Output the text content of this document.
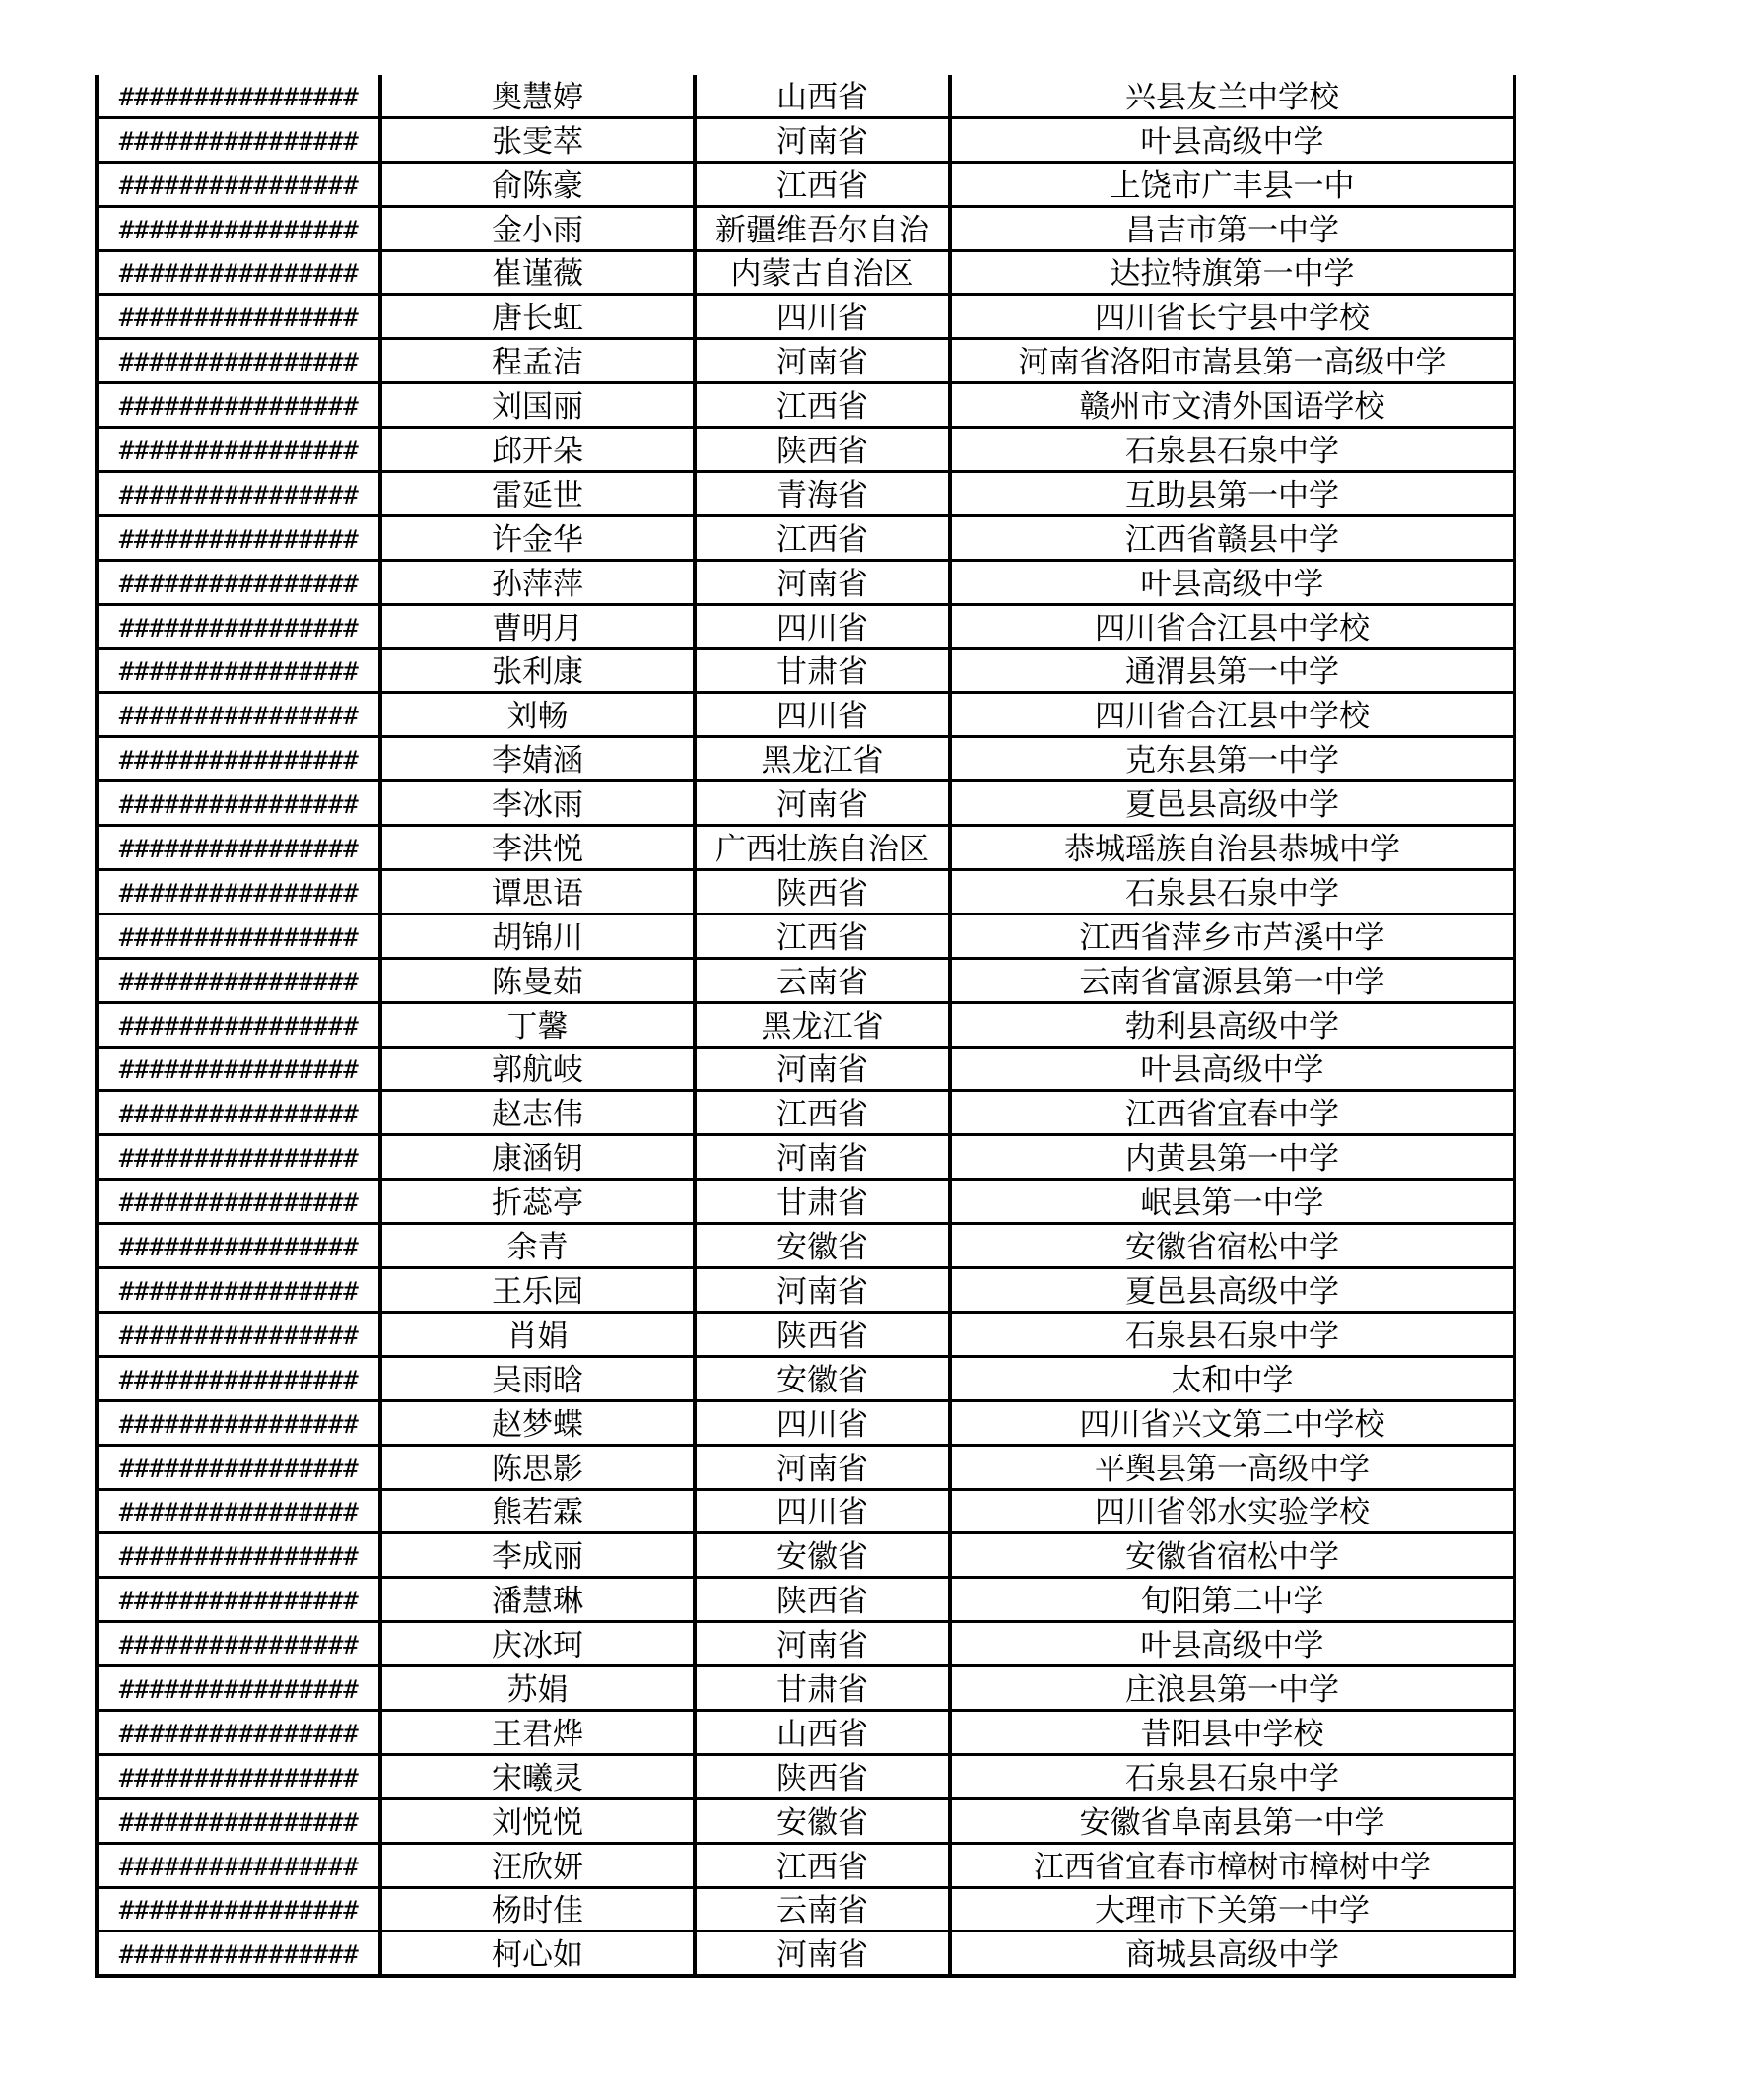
################	奥慧婷	山西省	兴县友兰中学校
################	张雯萃	河南省	叶县高级中学
################	俞陈豪	江西省	上饶市广丰县一中
################	金小雨	新疆维吾尔自治	昌吉市第一中学
################	崔谨薇	内蒙古自治区	达拉特旗第一中学
################	唐长虹	四川省	四川省长宁县中学校
################	程孟洁	河南省	河南省洛阳市嵩县第一高级中学
################	刘国丽	江西省	赣州市文清外国语学校
################	邱开朵	陕西省	石泉县石泉中学
################	雷延世	青海省	互助县第一中学
################	许金华	江西省	江西省赣县中学
################	孙萍萍	河南省	叶县高级中学
################	曹明月	四川省	四川省合江县中学校
################	张利康	甘肃省	通渭县第一中学
################	刘畅	四川省	四川省合江县中学校
################	李婧涵	黑龙江省	克东县第一中学
################	李冰雨	河南省	夏邑县高级中学
################	李洪悦	广西壮族自治区	恭城瑶族自治县恭城中学
################	谭思语	陕西省	石泉县石泉中学
################	胡锦川	江西省	江西省萍乡市芦溪中学
################	陈曼茹	云南省	云南省富源县第一中学
################	丁馨	黑龙江省	勃利县高级中学
################	郭航岐	河南省	叶县高级中学
################	赵志伟	江西省	江西省宜春中学
################	康涵钥	河南省	内黄县第一中学
################	折蕊亭	甘肃省	岷县第一中学
################	余青	安徽省	安徽省宿松中学
################	王乐园	河南省	夏邑县高级中学
################	肖娟	陕西省	石泉县石泉中学
################	吴雨晗	安徽省	太和中学
################	赵梦蝶	四川省	四川省兴文第二中学校
################	陈思影	河南省	平舆县第一高级中学
################	熊若霖	四川省	四川省邻水实验学校
################	李成丽	安徽省	安徽省宿松中学
################	潘慧琳	陕西省	旬阳第二中学
################	庆冰珂	河南省	叶县高级中学
################	苏娟	甘肃省	庄浪县第一中学
################	王君烨	山西省	昔阳县中学校
################	宋曦灵	陕西省	石泉县石泉中学
################	刘悦悦	安徽省	安徽省阜南县第一中学
################	汪欣妍	江西省	江西省宜春市樟树市樟树中学
################	杨时佳	云南省	大理市下关第一中学
################	柯心如	河南省	商城县高级中学
